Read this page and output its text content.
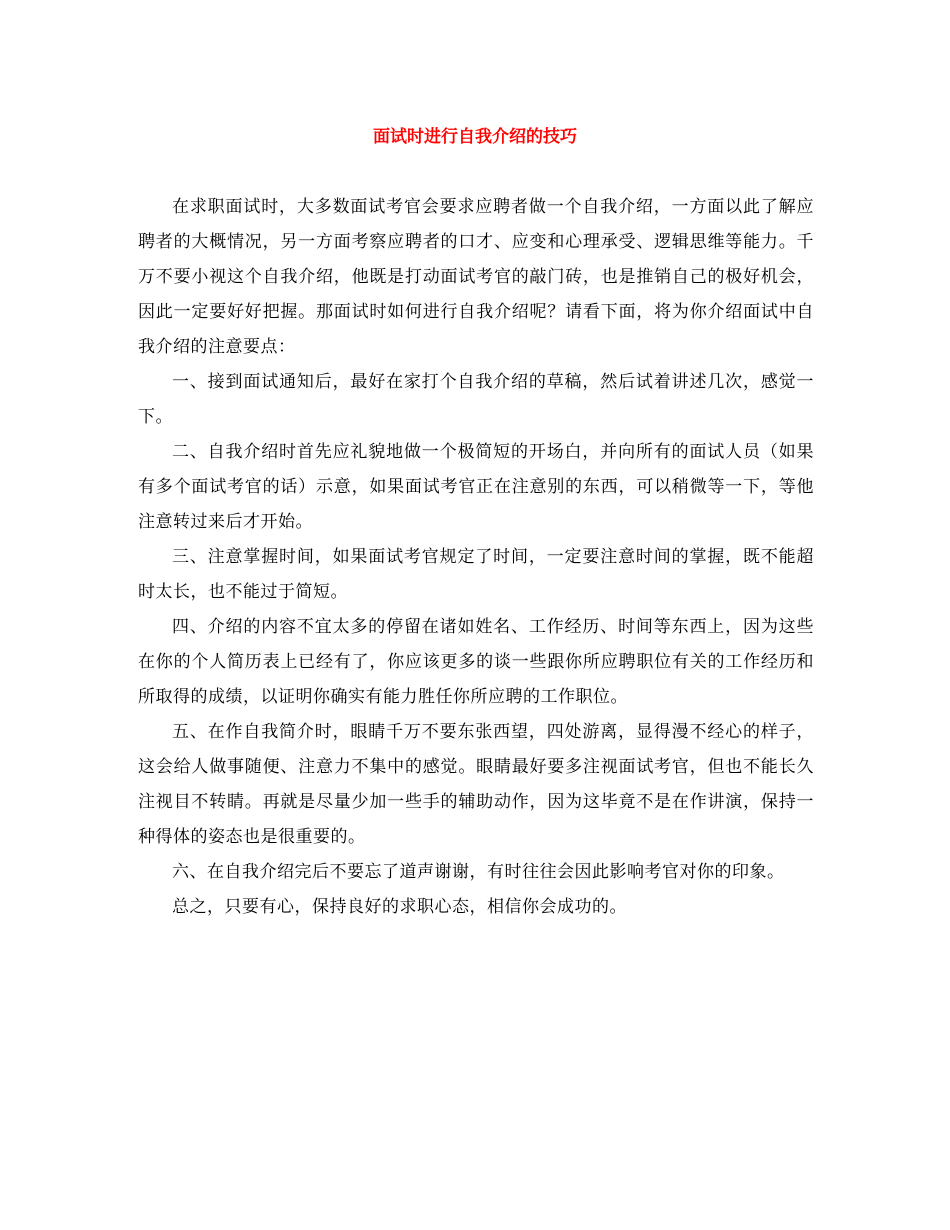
面试时进行自我介绍的技巧

在求职面试时，大多数面试考官会要求应聘者做一个自我介绍，一方面以此了解应聘者的大概情况，另一方面考察应聘者的口才、应变和心理承受、逻辑思维等能力。千万不要小视这个自我介绍，他既是打动面试考官的敲门砖，也是推销自己的极好机会，因此一定要好好把握。那面试时如何进行自我介绍呢？请看下面，将为你介绍面试中自我介绍的注意要点：

一、接到面试通知后，最好在家打个自我介绍的草稿，然后试着讲述几次，感觉一下。

二、自我介绍时首先应礼貌地做一个极简短的开场白，并向所有的面试人员（如果有多个面试考官的话）示意，如果面试考官正在注意别的东西，可以稍微等一下，等他注意转过来后才开始。

三、注意掌握时间，如果面试考官规定了时间，一定要注意时间的掌握，既不能超时太长，也不能过于简短。

四、介绍的内容不宜太多的停留在诸如姓名、工作经历、时间等东西上，因为这些在你的个人简历表上已经有了，你应该更多的谈一些跟你所应聘职位有关的工作经历和所取得的成绩，以证明你确实有能力胜任你所应聘的工作职位。

五、在作自我简介时，眼睛千万不要东张西望，四处游离，显得漫不经心的样子，这会给人做事随便、注意力不集中的感觉。眼睛最好要多注视面试考官，但也不能长久注视目不转睛。再就是尽量少加一些手的辅助动作，因为这毕竟不是在作讲演，保持一种得体的姿态也是很重要的。

六、在自我介绍完后不要忘了道声谢谢，有时往往会因此影响考官对你的印象。

总之，只要有心，保持良好的求职心态，相信你会成功的。
